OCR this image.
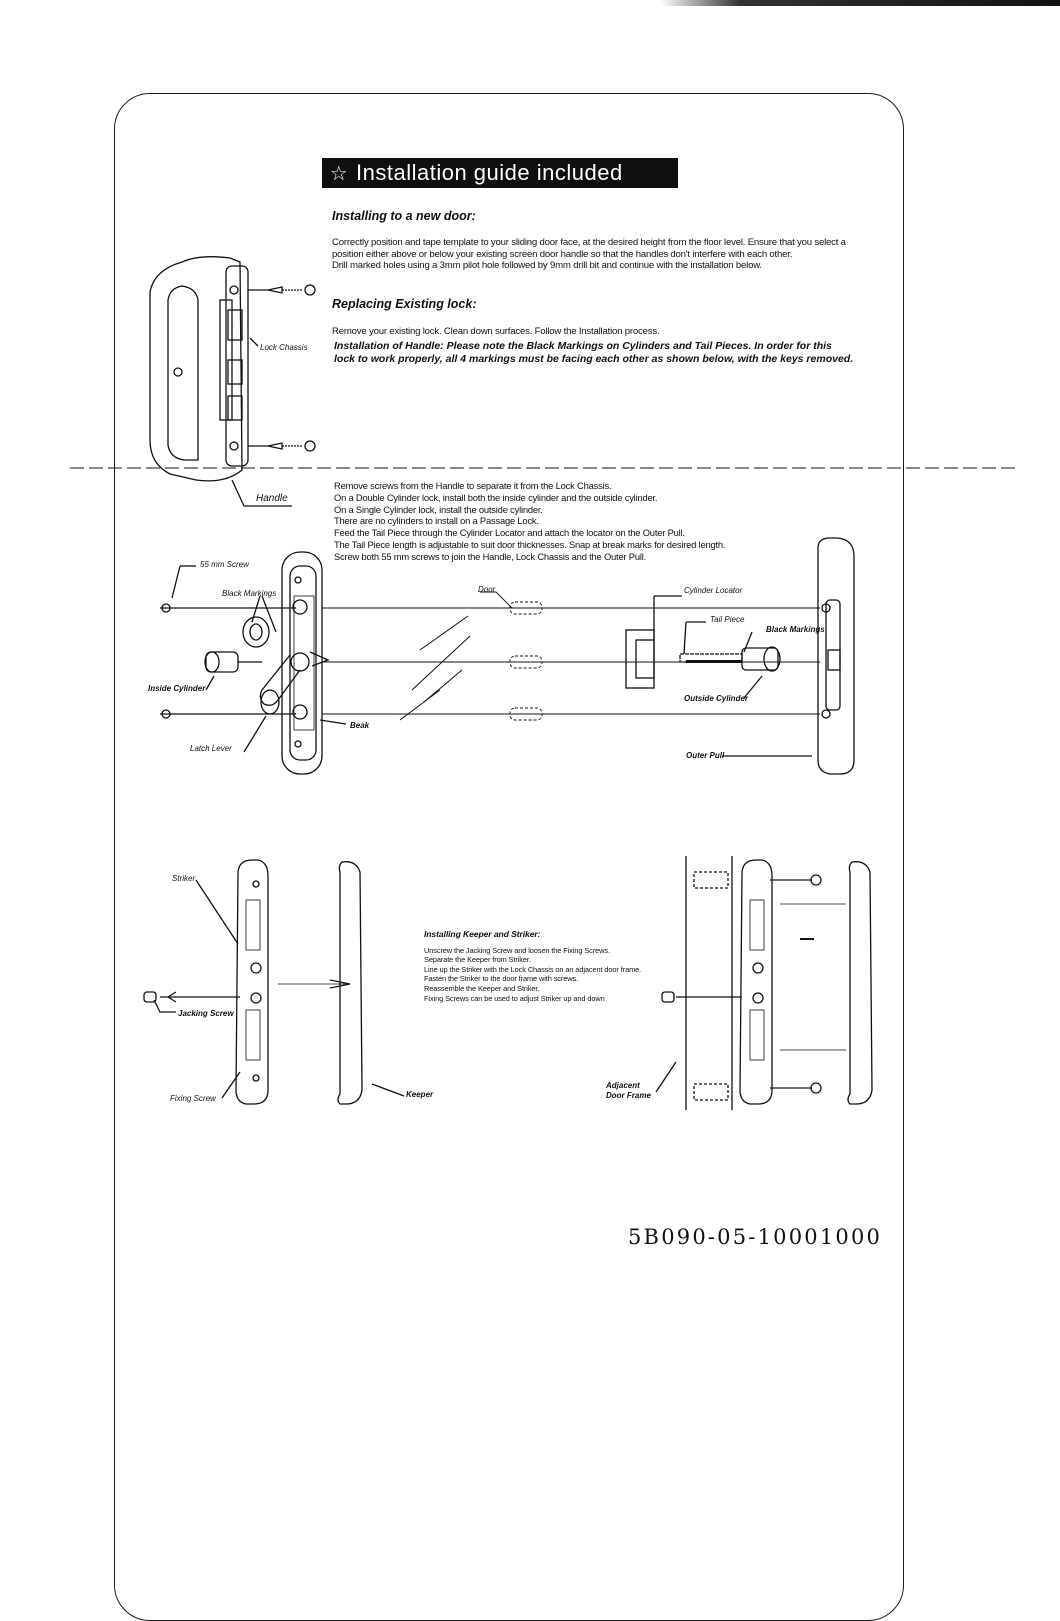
☆ Installation guide included
Installing to a new door:

Correctly position and tape template to your sliding door face, at the desired height from the floor level. Ensure that you select a

position either above or below your existing screen door handle so that the handles don't interfere with each other.

Drill marked holes using a 3mm pilot hole followed by 9mm drill bit and continue with the installation below.

Replacing Existing lock:
Remove your existing lock. Clean down surfaces. Follow the Installation process.
Installation of Handle: Please note the Black Markings on Cylinders and Tail Pieces. In order for this
lock to work properly, all 4 markings must be facing each other as shown below, with the keys removed.
Remove screws from the Handle to separate it from the Lock Chassis.
On a Double Cylinder lock, install both the inside cylinder and the outside cylinder.
On a Single Cylinder lock, install the outside cylinder.
There are no cylinders to install on a Passage Lock.
Feed the Tail Piece through the Cylinder Locator and attach the locator on the Outer Pull.
The Tail Piece length is adjustable to suit door thicknesses. Snap at break marks for desired length.
Screw both 55 mm screws to join the Handle, Lock Chassis and the Outer Pull.
Installing Keeper and Striker:
Unscrew the Jacking Screw and loosen the Fixing Screws.
Separate the Keeper from Striker.
Line up the Striker with the Lock Chassis on an adjacent door frame.
Fasten the Striker to the door frame with screws.
Reassemble the Keeper and Striker.
Fixing Screws can be used to adjust Striker up and down
Lock Chassis
Handle
55 mm Screw
Black Markings
Inside Cylinder
Latch Lever
Beak
Door	Cylinder Locator
Tail Piece
Black Markings
Outside Cylinder
Outer Pull
Striker
Jacking Screw
Fixing Screw	Keeper
Adjacent
Door Frame
5B090-05-10001000
